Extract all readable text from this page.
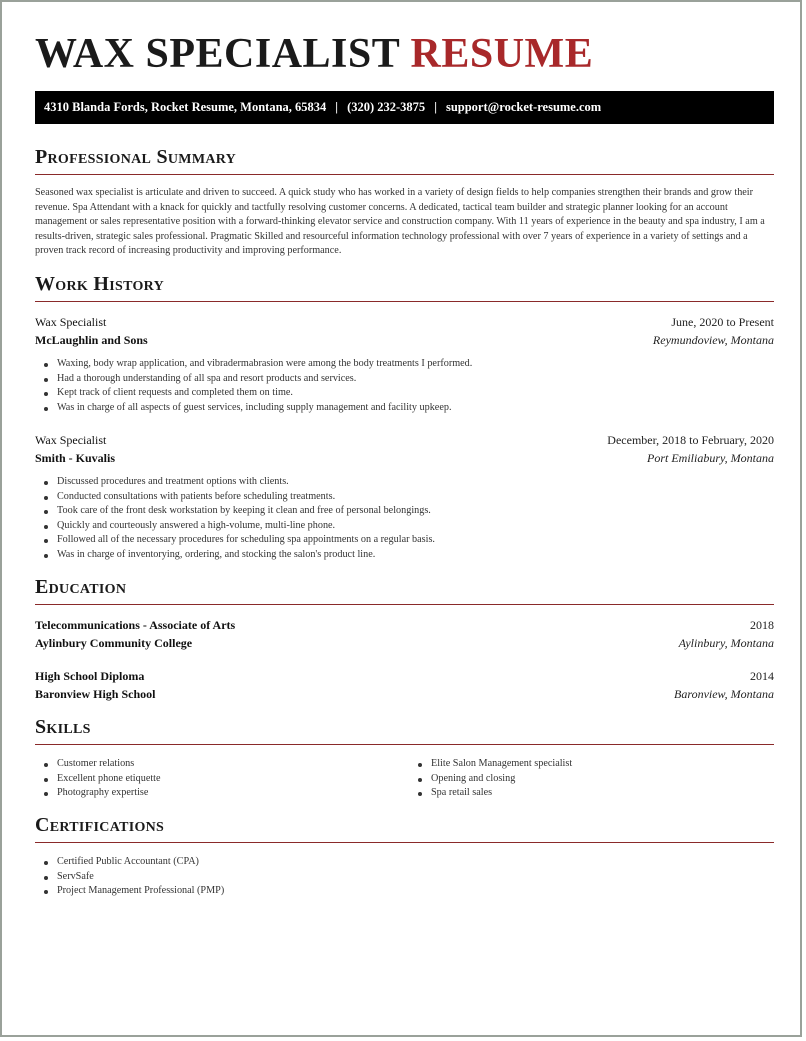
WAX SPECIALIST RESUME
4310 Blanda Fords, Rocket Resume, Montana, 65834 | (320) 232-3875 | support@rocket-resume.com
Professional Summary
Seasoned wax specialist is articulate and driven to succeed. A quick study who has worked in a variety of design fields to help companies strengthen their brands and grow their revenue. Spa Attendant with a knack for quickly and tactfully resolving customer concerns. A dedicated, tactical team builder and strategic planner looking for an account management or sales representative position with a forward-thinking elevator service and construction company. With 11 years of experience in the beauty and spa industry, I am a results-driven, strategic sales professional. Pragmatic Skilled and resourceful information technology professional with over 7 years of experience in a variety of settings and a proven track record of increasing productivity and improving performance.
Work History
Wax Specialist	June, 2020 to Present
McLaughlin and Sons	Reymundoview, Montana
Waxing, body wrap application, and vibradermabrasion were among the body treatments I performed.
Had a thorough understanding of all spa and resort products and services.
Kept track of client requests and completed them on time.
Was in charge of all aspects of guest services, including supply management and facility upkeep.
Wax Specialist	December, 2018 to February, 2020
Smith - Kuvalis	Port Emiliabury, Montana
Discussed procedures and treatment options with clients.
Conducted consultations with patients before scheduling treatments.
Took care of the front desk workstation by keeping it clean and free of personal belongings.
Quickly and courteously answered a high-volume, multi-line phone.
Followed all of the necessary procedures for scheduling spa appointments on a regular basis.
Was in charge of inventorying, ordering, and stocking the salon's product line.
Education
Telecommunications - Associate of Arts	2018
Aylinbury Community College	Aylinbury, Montana
High School Diploma	2014
Baronview High School	Baronview, Montana
Skills
Customer relations
Excellent phone etiquette
Photography expertise
Elite Salon Management specialist
Opening and closing
Spa retail sales
Certifications
Certified Public Accountant (CPA)
ServSafe
Project Management Professional (PMP)
